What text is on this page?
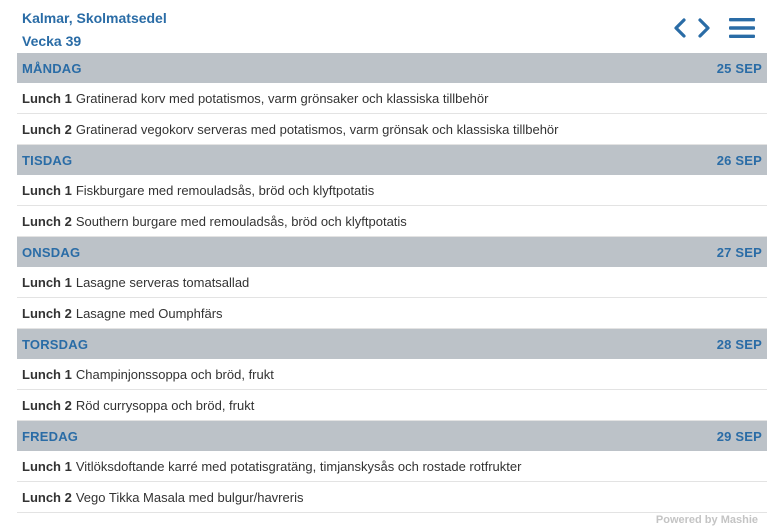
Kalmar, Skolmatsedel
Vecka 39
MÅNDAG	25 SEP
Lunch 1 Gratinerad korv med potatismos, varm grönsaker och klassiska tillbehör
Lunch 2 Gratinerad vegokorv serveras med potatismos, varm grönsak och klassiska tillbehör
TISDAG	26 SEP
Lunch 1 Fiskburgare med remouladsås, bröd och klyftpotatis
Lunch 2 Southern burgare med remouladsås, bröd och klyftpotatis
ONSDAG	27 SEP
Lunch 1 Lasagne serveras tomatsallad
Lunch 2 Lasagne med Oumphfärs
TORSDAG	28 SEP
Lunch 1 Champinjonssoppa och bröd, frukt
Lunch 2 Röd currysoppa och bröd, frukt
FREDAG	29 SEP
Lunch 1 Vitlöksdoftande karré med potatisgratäng, timjanskysås och rostade rotfrukter
Lunch 2 Vego Tikka Masala med bulgur/havreris
Powered by Mashie
